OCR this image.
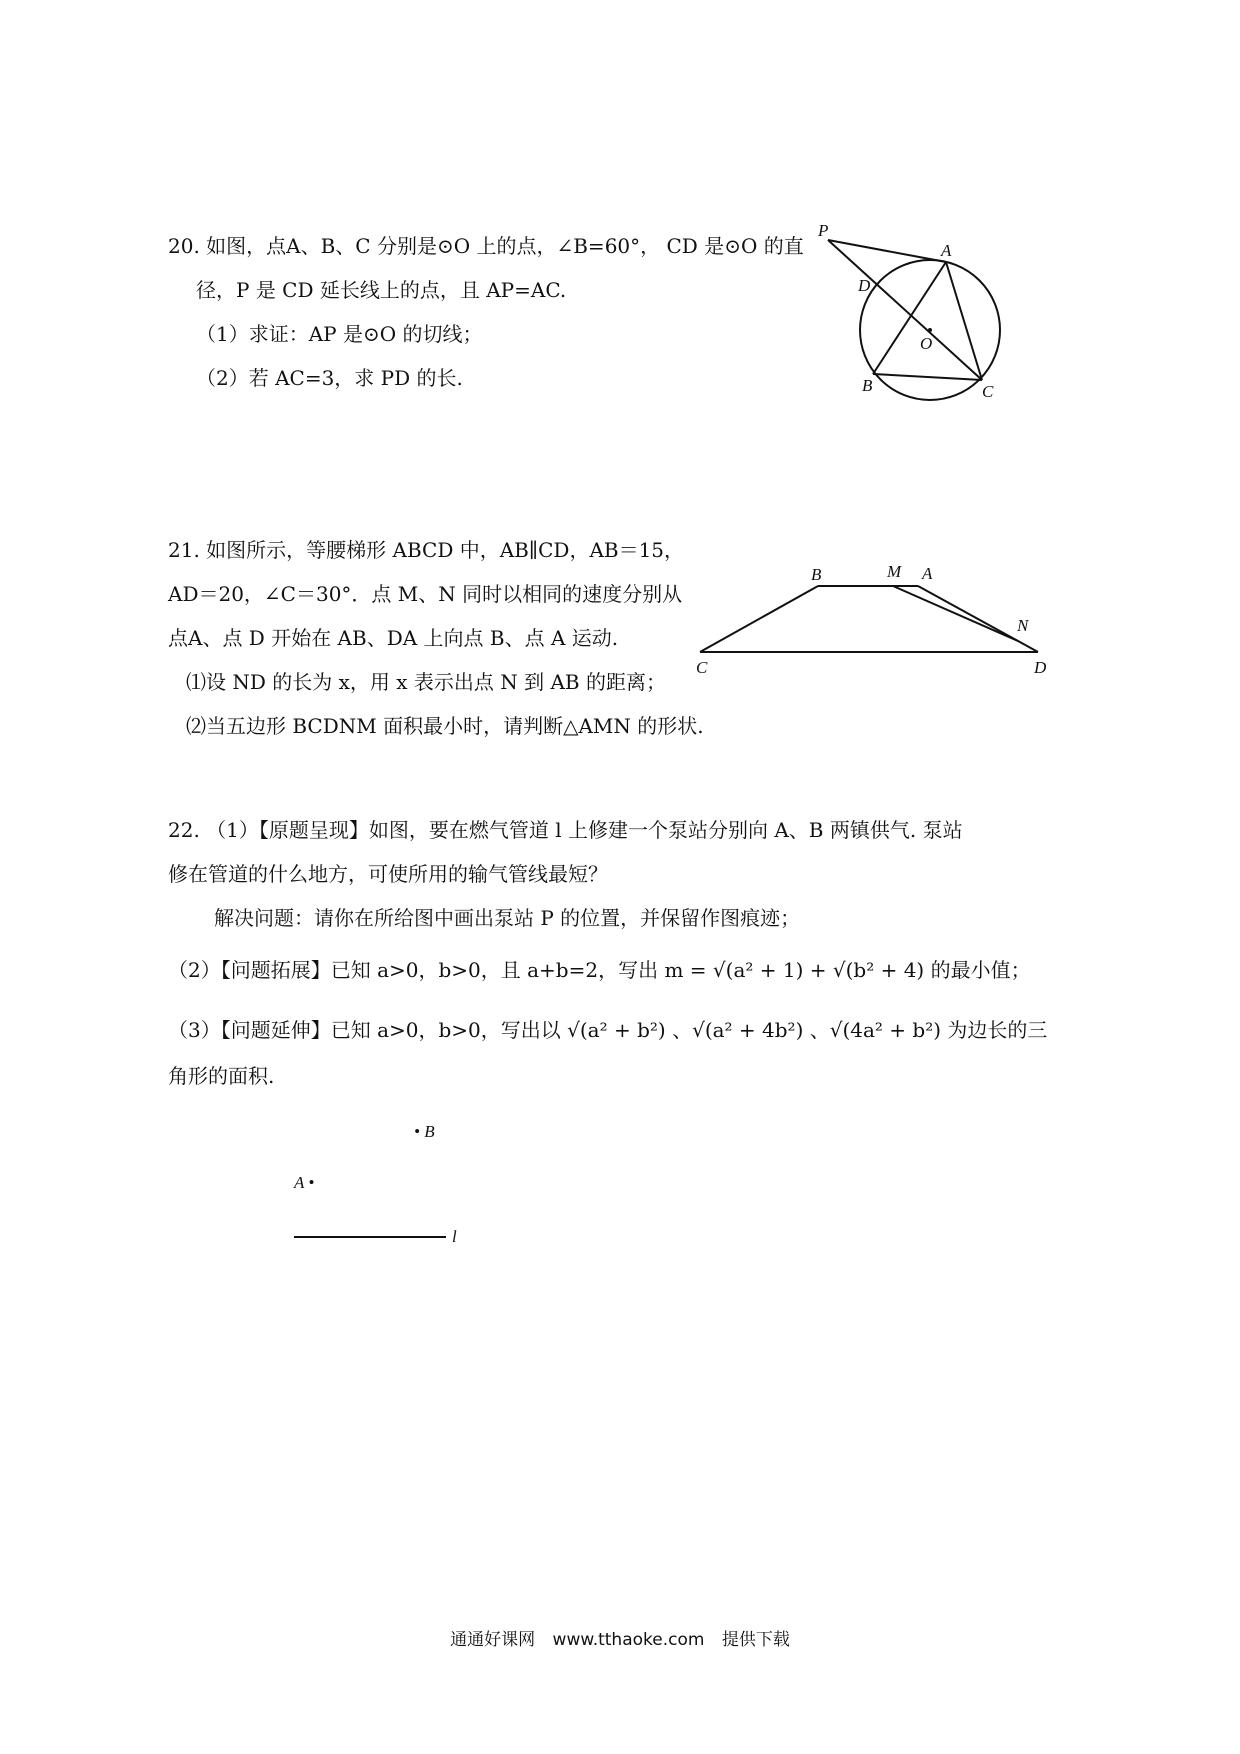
20. 如图，点A、B、C 分别是⊙O 上的点，∠B=60°， CD 是⊙O 的直

径，P 是 CD 延长线上的点，且 AP=AC.

（1）求证：AP 是⊙O 的切线；

（2）若 AC=3，求 PD 的长.

P
A
D
O
B	C

21. 如图所示，等腰梯形 ABCD 中，AB∥CD，AB＝15，

AD＝20，∠C＝30°．点 M、N 同时以相同的速度分别从

点A、点 D 开始在 AB、DA 上向点 B、点 A 运动.

⑴设 ND 的长为 x，用 x 表示出点 N 到 AB 的距离；

⑵当五边形 BCDNM 面积最小时，请判断△AMN 的形状.

B	M A
N
C	D

22. （1）【原题呈现】如图，要在燃气管道 l 上修建一个泵站分别向 A、B 两镇供气. 泵站

修在管道的什么地方，可使所用的输气管线最短？

解决问题：请你在所给图中画出泵站 P 的位置，并保留作图痕迹；

（2）【问题拓展】已知 a>0，b>0，且 a+b=2，写出 m = √(a² + 1) + √(b² + 4) 的最小值；

（3）【问题延伸】已知 a>0，b>0，写出以 √(a² + b²) 、√(a² + 4b²) 、√(4a² + b²) 为边长的三

角形的面积.

• B
A •
l
通通好课网 www.tthaoke.com 提供下载
